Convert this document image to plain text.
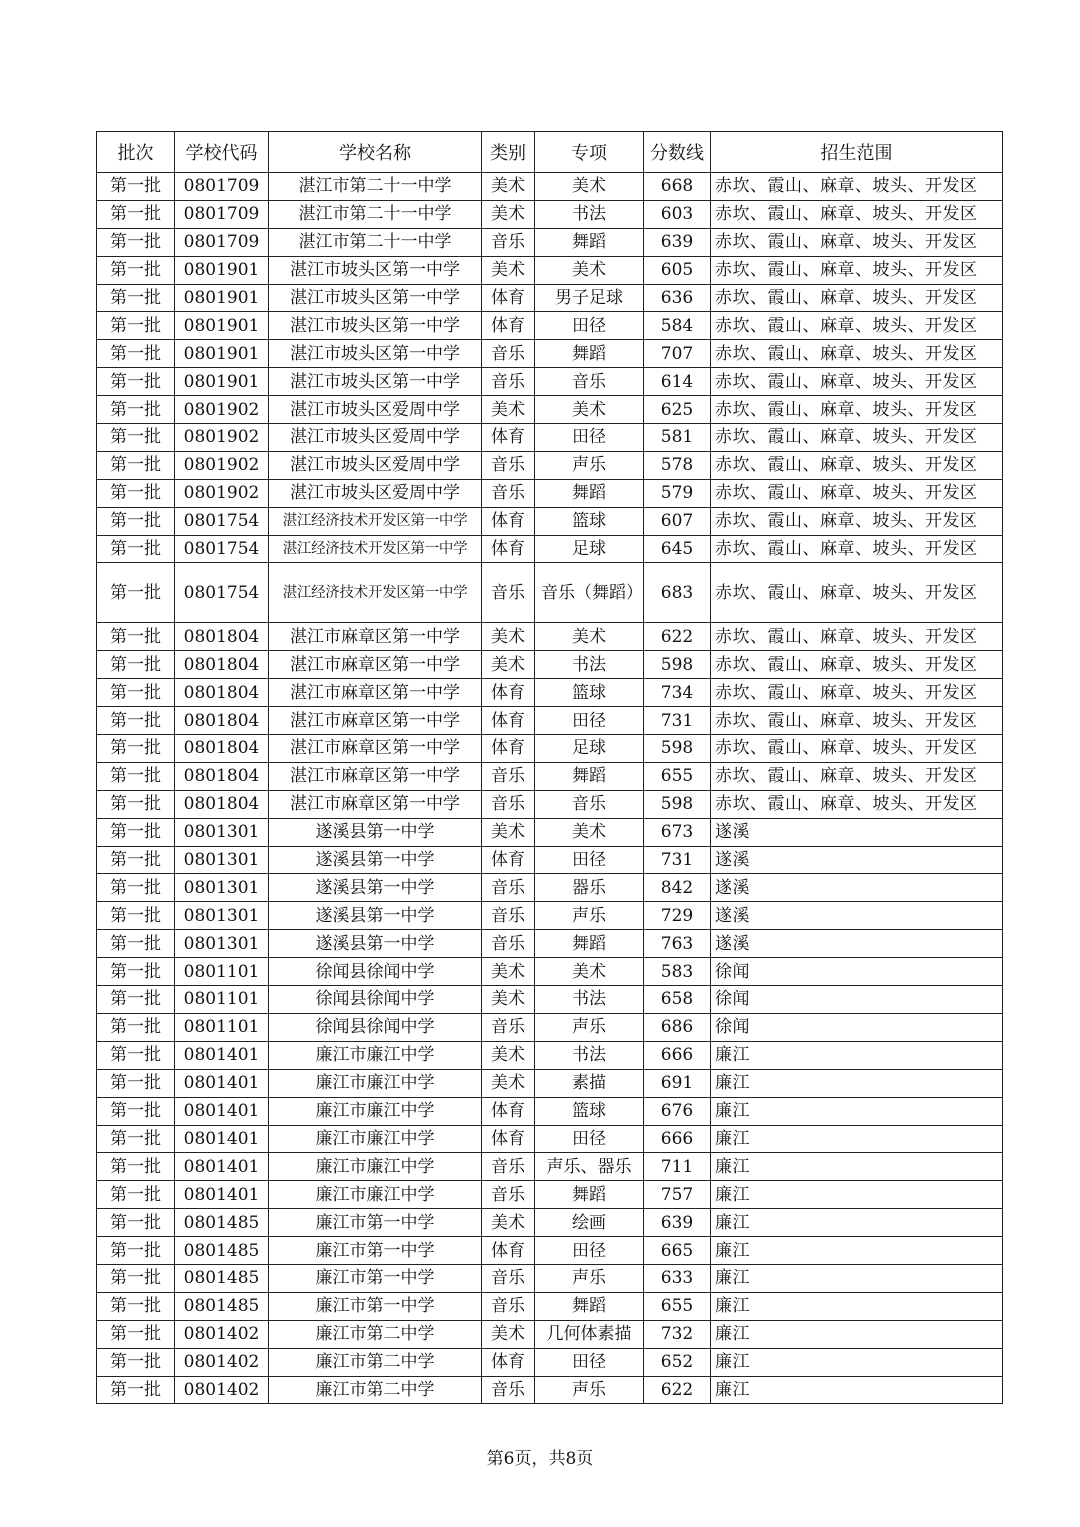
批次	学校代码	学校名称	类别	专项	分数线	招生范围
第一批	0801709	湛江市第二十一中学	美术	美术	668	赤坎、霞山、麻章、坡头、开发区
第一批	0801709	湛江市第二十一中学	美术	书法	603	赤坎、霞山、麻章、坡头、开发区
第一批	0801709	湛江市第二十一中学	音乐	舞蹈	639	赤坎、霞山、麻章、坡头、开发区
第一批	0801901	湛江市坡头区第一中学	美术	美术	605	赤坎、霞山、麻章、坡头、开发区
第一批	0801901	湛江市坡头区第一中学	体育	男子足球	636	赤坎、霞山、麻章、坡头、开发区
第一批	0801901	湛江市坡头区第一中学	体育	田径	584	赤坎、霞山、麻章、坡头、开发区
第一批	0801901	湛江市坡头区第一中学	音乐	舞蹈	707	赤坎、霞山、麻章、坡头、开发区
第一批	0801901	湛江市坡头区第一中学	音乐	音乐	614	赤坎、霞山、麻章、坡头、开发区
第一批	0801902	湛江市坡头区爱周中学	美术	美术	625	赤坎、霞山、麻章、坡头、开发区
第一批	0801902	湛江市坡头区爱周中学	体育	田径	581	赤坎、霞山、麻章、坡头、开发区
第一批	0801902	湛江市坡头区爱周中学	音乐	声乐	578	赤坎、霞山、麻章、坡头、开发区
第一批	0801902	湛江市坡头区爱周中学	音乐	舞蹈	579	赤坎、霞山、麻章、坡头、开发区
第一批	0801754	湛江经济技术开发区第一中学	体育	篮球	607	赤坎、霞山、麻章、坡头、开发区
第一批	0801754	湛江经济技术开发区第一中学	体育	足球	645	赤坎、霞山、麻章、坡头、开发区
第一批	0801754	湛江经济技术开发区第一中学	音乐	音乐（舞蹈）	683	赤坎、霞山、麻章、坡头、开发区
第一批	0801804	湛江市麻章区第一中学	美术	美术	622	赤坎、霞山、麻章、坡头、开发区
第一批	0801804	湛江市麻章区第一中学	美术	书法	598	赤坎、霞山、麻章、坡头、开发区
第一批	0801804	湛江市麻章区第一中学	体育	篮球	734	赤坎、霞山、麻章、坡头、开发区
第一批	0801804	湛江市麻章区第一中学	体育	田径	731	赤坎、霞山、麻章、坡头、开发区
第一批	0801804	湛江市麻章区第一中学	体育	足球	598	赤坎、霞山、麻章、坡头、开发区
第一批	0801804	湛江市麻章区第一中学	音乐	舞蹈	655	赤坎、霞山、麻章、坡头、开发区
第一批	0801804	湛江市麻章区第一中学	音乐	音乐	598	赤坎、霞山、麻章、坡头、开发区
第一批	0801301	遂溪县第一中学	美术	美术	673	遂溪
第一批	0801301	遂溪县第一中学	体育	田径	731	遂溪
第一批	0801301	遂溪县第一中学	音乐	器乐	842	遂溪
第一批	0801301	遂溪县第一中学	音乐	声乐	729	遂溪
第一批	0801301	遂溪县第一中学	音乐	舞蹈	763	遂溪
第一批	0801101	徐闻县徐闻中学	美术	美术	583	徐闻
第一批	0801101	徐闻县徐闻中学	美术	书法	658	徐闻
第一批	0801101	徐闻县徐闻中学	音乐	声乐	686	徐闻
第一批	0801401	廉江市廉江中学	美术	书法	666	廉江
第一批	0801401	廉江市廉江中学	美术	素描	691	廉江
第一批	0801401	廉江市廉江中学	体育	篮球	676	廉江
第一批	0801401	廉江市廉江中学	体育	田径	666	廉江
第一批	0801401	廉江市廉江中学	音乐	声乐、器乐	711	廉江
第一批	0801401	廉江市廉江中学	音乐	舞蹈	757	廉江
第一批	0801485	廉江市第一中学	美术	绘画	639	廉江
第一批	0801485	廉江市第一中学	体育	田径	665	廉江
第一批	0801485	廉江市第一中学	音乐	声乐	633	廉江
第一批	0801485	廉江市第一中学	音乐	舞蹈	655	廉江
第一批	0801402	廉江市第二中学	美术	几何体素描	732	廉江
第一批	0801402	廉江市第二中学	体育	田径	652	廉江
第一批	0801402	廉江市第二中学	音乐	声乐	622	廉江
第6页，共8页
